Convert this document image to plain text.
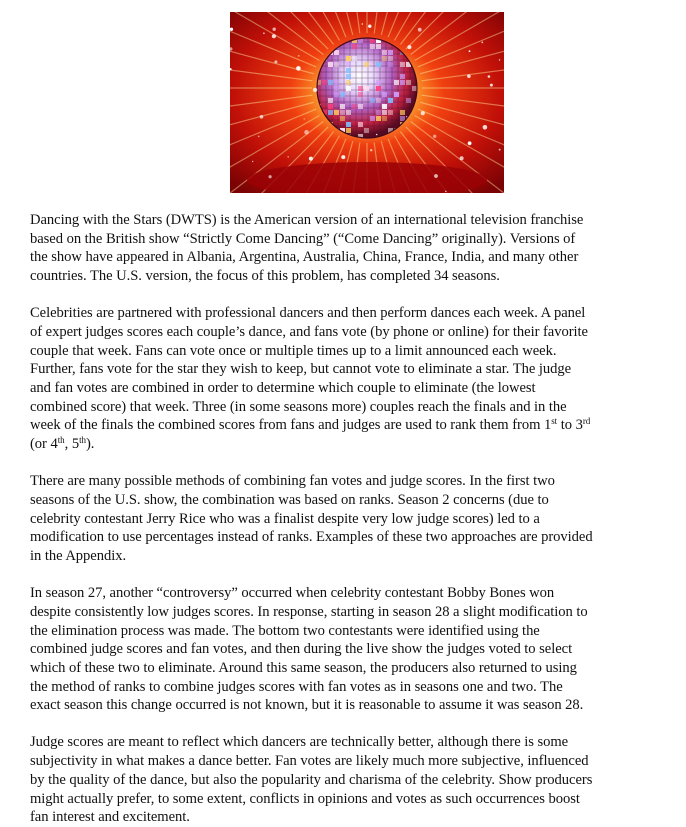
Dancing with the Stars (DWTS) is the American version of an international television franchise
based on the British show “Strictly Come Dancing” (“Come Dancing” originally). Versions of
the show have appeared in Albania, Argentina, Australia, China, France, India, and many other
countries. The U.S. version, the focus of this problem, has completed 34 seasons.

Celebrities are partnered with professional dancers and then perform dances each week. A panel
of expert judges scores each couple’s dance, and fans vote (by phone or online) for their favorite
couple that week. Fans can vote once or multiple times up to a limit announced each week.
Further, fans vote for the star they wish to keep, but cannot vote to eliminate a star. The judge
and fan votes are combined in order to determine which couple to eliminate (the lowest
combined score) that week. Three (in some seasons more) couples reach the finals and in the
week of the finals the combined scores from fans and judges are used to rank them from 1st to 3rd
(or 4th, 5th).

There are many possible methods of combining fan votes and judge scores. In the first two
seasons of the U.S. show, the combination was based on ranks. Season 2 concerns (due to
celebrity contestant Jerry Rice who was a finalist despite very low judge scores) led to a
modification to use percentages instead of ranks. Examples of these two approaches are provided
in the Appendix.

In season 27, another “controversy” occurred when celebrity contestant Bobby Bones won
despite consistently low judges scores. In response, starting in season 28 a slight modification to
the elimination process was made. The bottom two contestants were identified using the
combined judge scores and fan votes, and then during the live show the judges voted to select
which of these two to eliminate. Around this same season, the producers also returned to using
the method of ranks to combine judges scores with fan votes as in seasons one and two. The
exact season this change occurred is not known, but it is reasonable to assume it was season 28.

Judge scores are meant to reflect which dancers are technically better, although there is some
subjectivity in what makes a dance better. Fan votes are likely much more subjective, influenced
by the quality of the dance, but also the popularity and charisma of the celebrity. Show producers
might actually prefer, to some extent, conflicts in opinions and votes as such occurrences boost
fan interest and excitement.
